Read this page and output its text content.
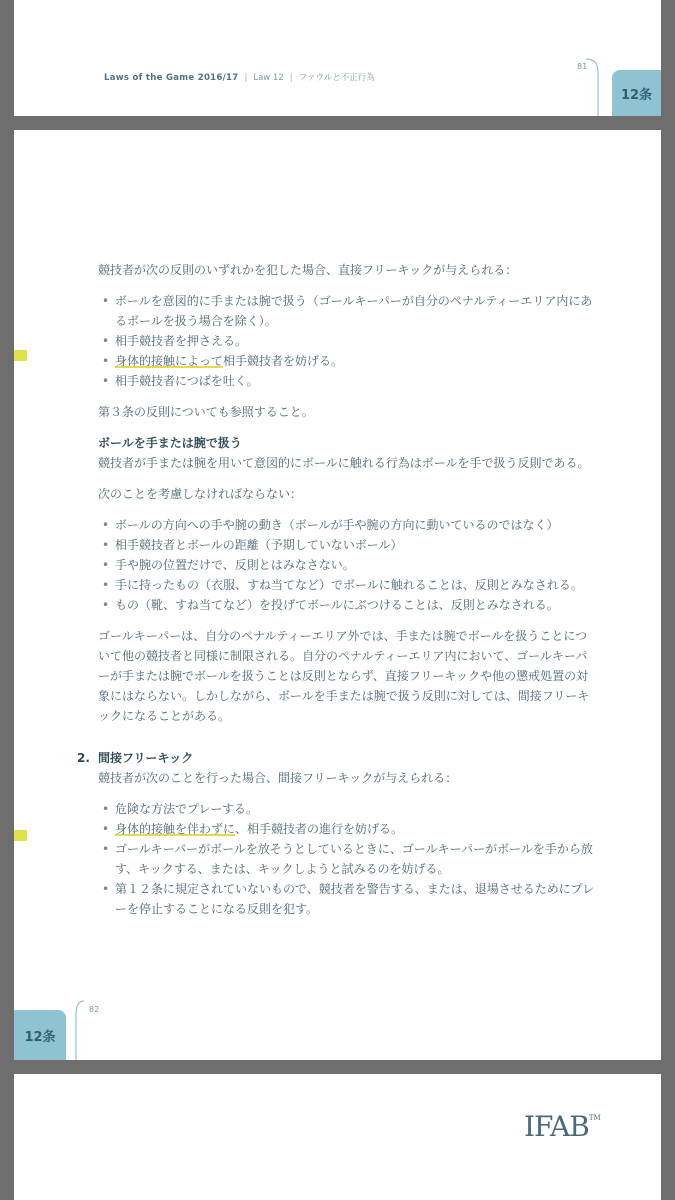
Laws of the Game 2016/17 | Law 12 | ファウルと不正行為
81
12条

競技者が次の反則のいずれかを犯した場合、直接フリーキックが与えられる：

• ボールを意図的に手または腕で扱う（ゴールキーパーが自分のペナルティーエリア内にあるボールを扱う場合を除く）。
• 相手競技者を押さえる。
• 身体的接触によって相手競技者を妨げる。
• 相手競技者につばを吐く。

第３条の反則についても参照すること。

ボールを手または腕で扱う

競技者が手または腕を用いて意図的にボールに触れる行為はボールを手で扱う反則である。

次のことを考慮しなければならない：

• ボールの方向への手や腕の動き（ボールが手や腕の方向に動いているのではなく）
• 相手競技者とボールの距離（予期していないボール）
• 手や腕の位置だけで、反則とはみなさない。
• 手に持ったもの（衣服、すね当てなど）でボールに触れることは、反則とみなされる。
• もの（靴、すね当てなど）を投げてボールにぶつけることは、反則とみなされる。

ゴールキーパーは、自分のペナルティーエリア外では、手または腕でボールを扱うことについて他の競技者と同様に制限される。自分のペナルティーエリア内において、ゴールキーパーが手または腕でボールを扱うことは反則とならず、直接フリーキックや他の懲戒処置の対象にはならない。しかしながら、ボールを手または腕で扱う反則に対しては、間接フリーキックになることがある。

2. 間接フリーキック

競技者が次のことを行った場合、間接フリーキックが与えられる：

• 危険な方法でプレーする。
• 身体的接触を伴わずに、相手競技者の進行を妨げる。
• ゴールキーパーがボールを放そうとしているときに、ゴールキーパーがボールを手から放す、キックする、または、キックしようと試みるのを妨げる。
• 第１２条に規定されていないもので、競技者を警告する、または、退場させるためにプレーを停止することになる反則を犯す。
82
12条
IFAB™
